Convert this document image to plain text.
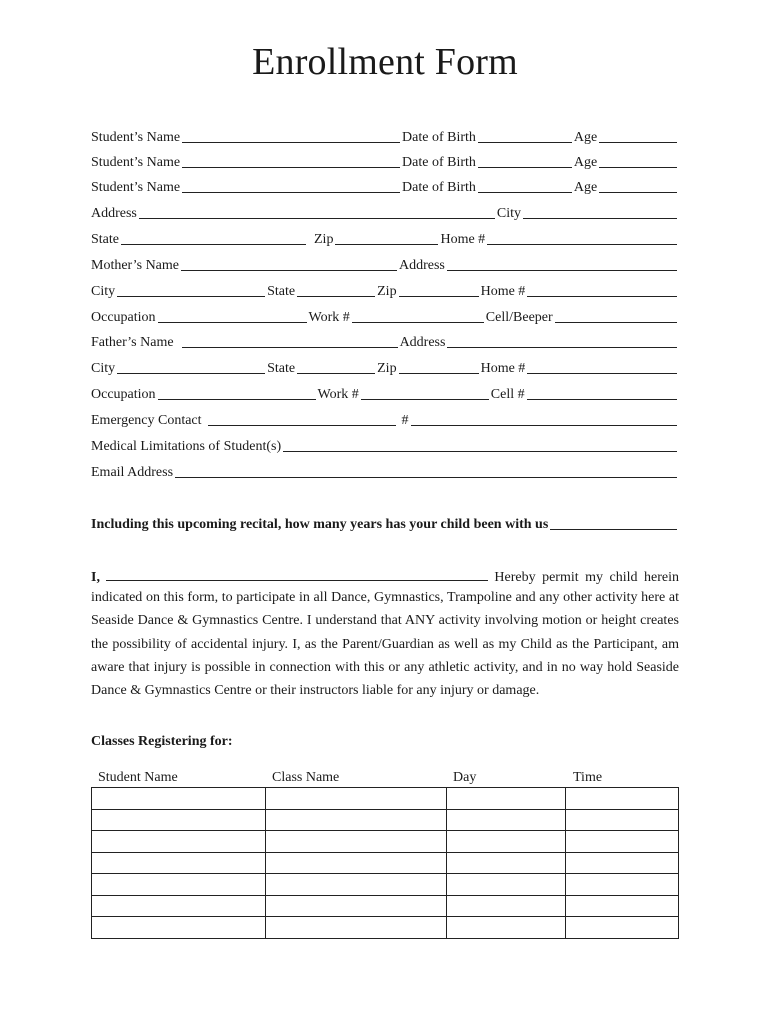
Enrollment Form
Student’s Name	Date of Birth	Age
Student’s Name	Date of Birth	Age
Student’s Name	Date of Birth	Age
Address	City
State	Zip	Home #
Mother’s Name	Address
City	State	Zip	Home #
Occupation	Work #	Cell/Beeper
Father’s Name	Address
City	State	Zip	Home #
Occupation	Work #	Cell #
Emergency Contact	#
Medical Limitations of Student(s)
Email Address
Including this upcoming recital, how many years has your child been with us
I,	Hereby permit my child herein
indicated on this form, to participate in all Dance, Gymnastics, Trampoline and any other activity here at Seaside Dance & Gymnastics Centre. I understand that ANY activity involving motion or height creates the possibility of accidental injury. I, as the Parent/Guardian as well as my Child as the Participant, am aware that injury is possible in connection with this or any athletic activity, and in no way hold Seaside Dance & Gymnastics Centre or their instructors liable for any injury or damage.
Classes Registering for:
Student Name	Class Name	Day	Time
